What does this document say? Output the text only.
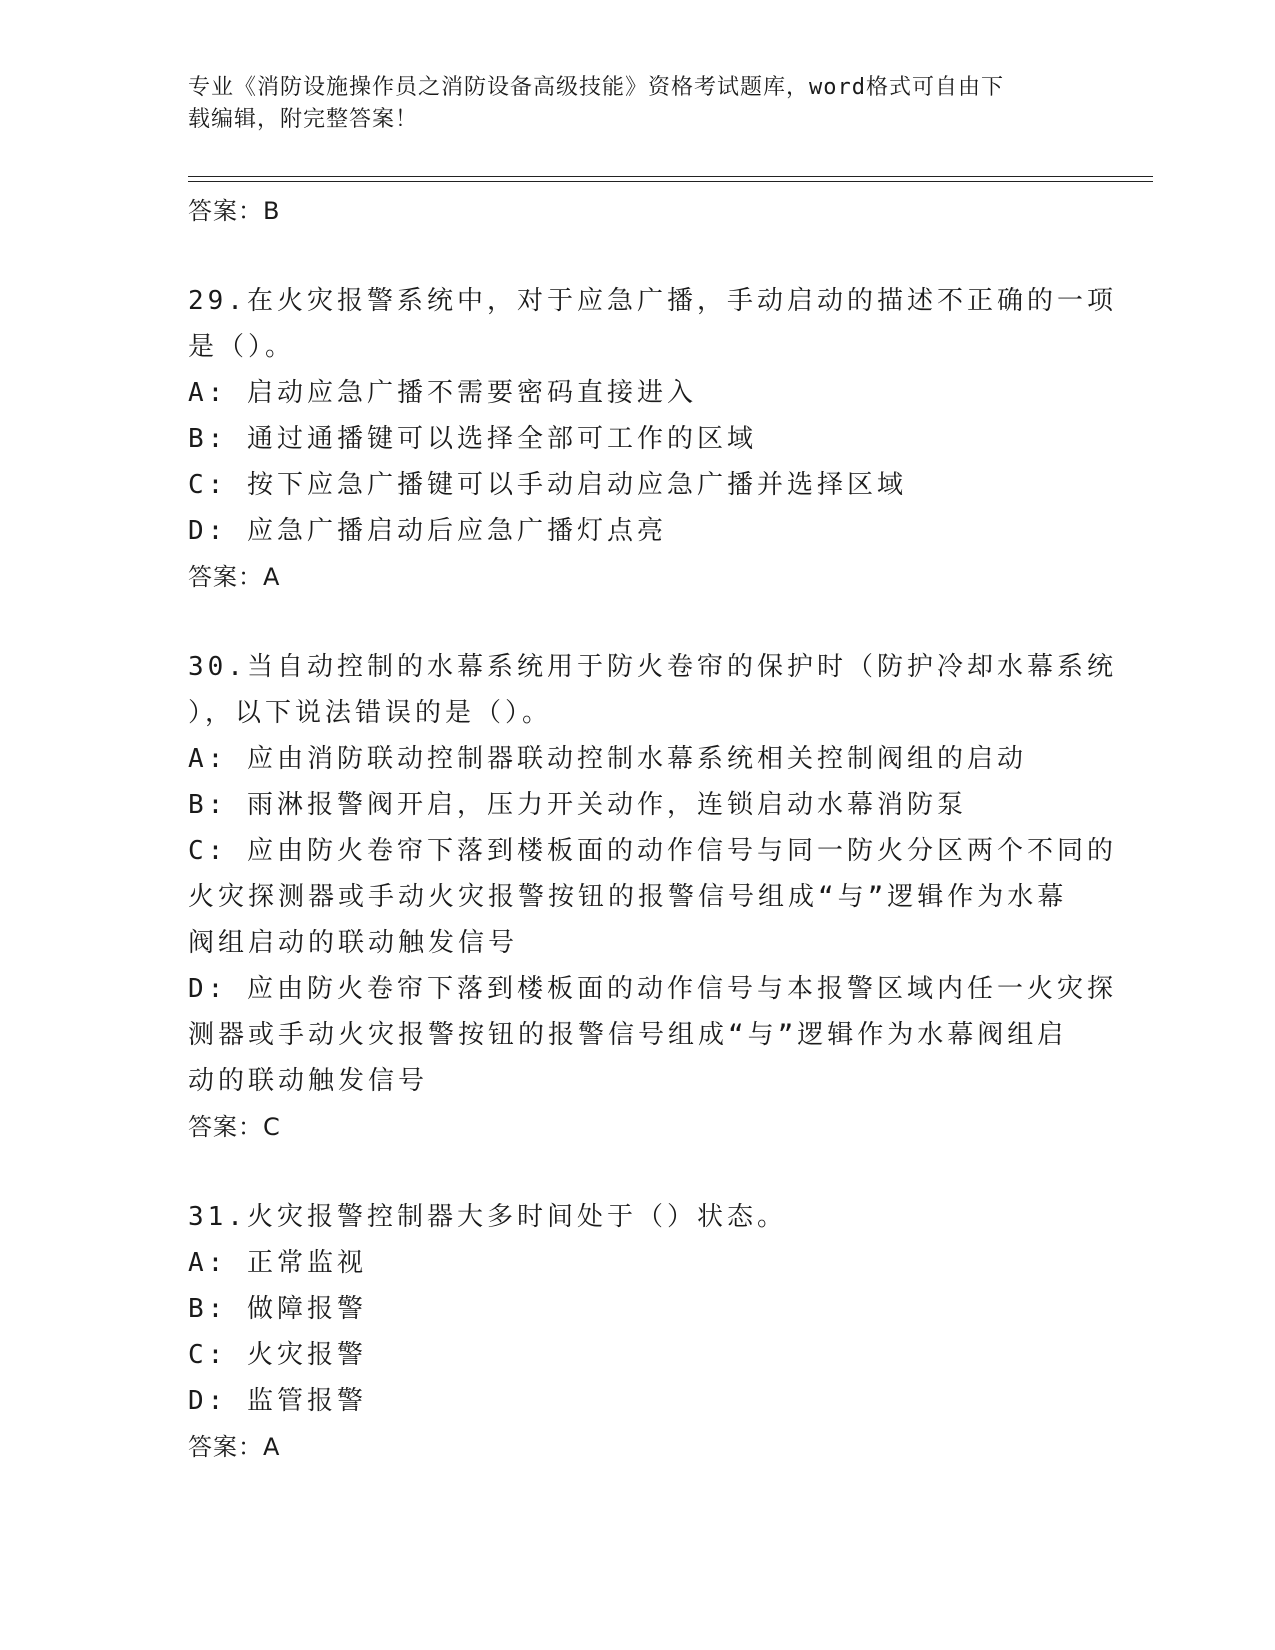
专业《消防设施操作员之消防设备高级技能》资格考试题库，word格式可自由下
载编辑，附完整答案！
答案：B
29.在火灾报警系统中，对于应急广播，手动启动的描述不正确的一项
是（）。
A: 启动应急广播不需要密码直接进入
B: 通过通播键可以选择全部可工作的区域
C: 按下应急广播键可以手动启动应急广播并选择区域
D: 应急广播启动后应急广播灯点亮
答案：A
30.当自动控制的水幕系统用于防火卷帘的保护时（防护冷却水幕系统
），以下说法错误的是（）。
A: 应由消防联动控制器联动控制水幕系统相关控制阀组的启动
B: 雨淋报警阀开启，压力开关动作，连锁启动水幕消防泵
C: 应由防火卷帘下落到楼板面的动作信号与同一防火分区两个不同的
火灾探测器或手动火灾报警按钮的报警信号组成“与”逻辑作为水幕
阀组启动的联动触发信号
D: 应由防火卷帘下落到楼板面的动作信号与本报警区域内任一火灾探
测器或手动火灾报警按钮的报警信号组成“与”逻辑作为水幕阀组启
动的联动触发信号
答案：C
31.火灾报警控制器大多时间处于（）状态。
A: 正常监视
B: 做障报警
C: 火灾报警
D: 监管报警
答案：A
